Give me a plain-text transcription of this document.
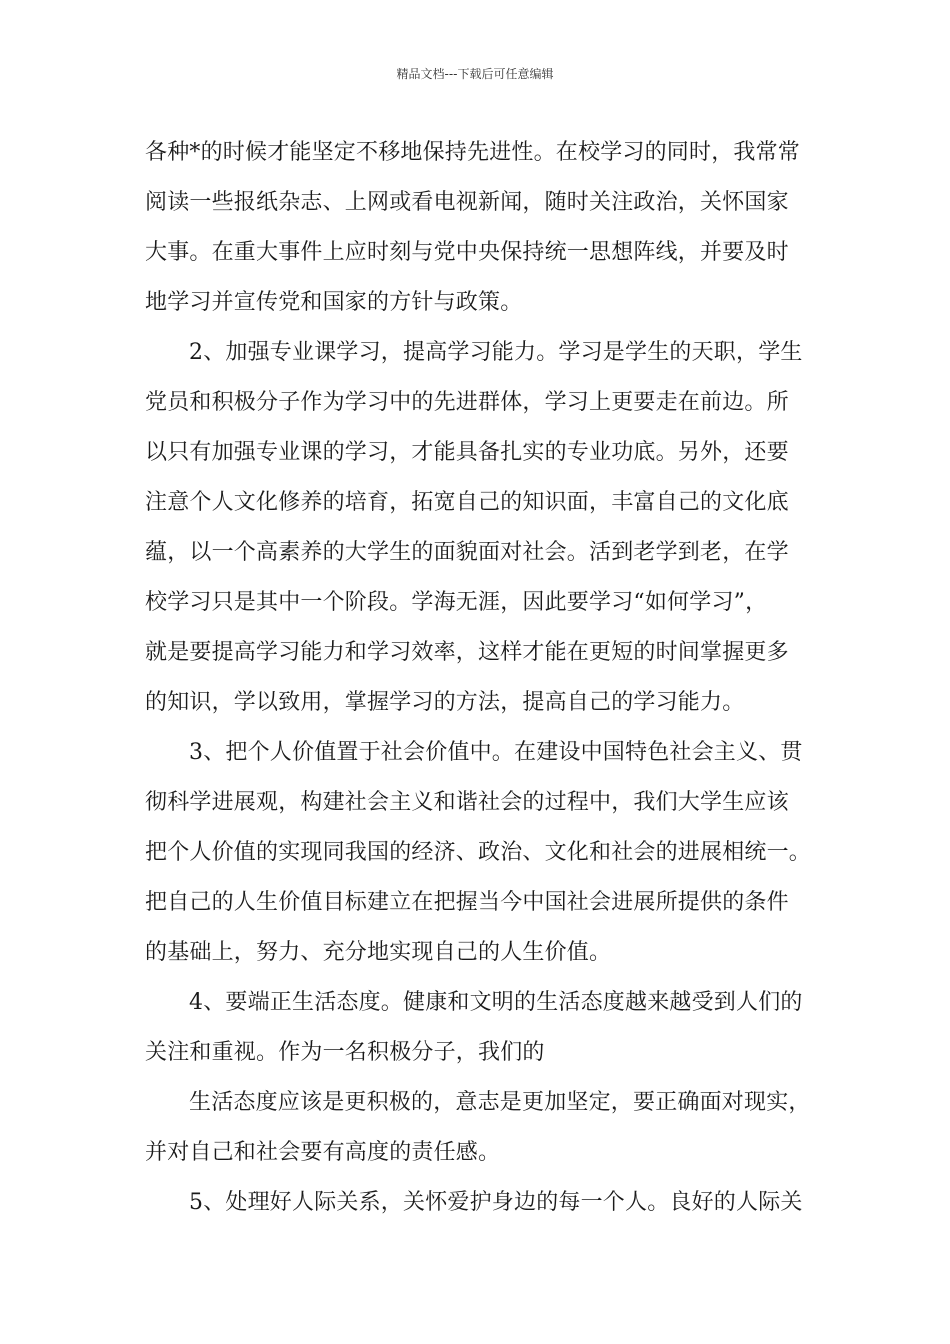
精品文档---下载后可任意编辑
各种*的时候才能坚定不移地保持先进性。在校学习的同时，我常常
阅读一些报纸杂志、上网或看电视新闻，随时关注政治，关怀国家
大事。在重大事件上应时刻与党中央保持统一思想阵线，并要及时
地学习并宣传党和国家的方针与政策。
2、加强专业课学习，提高学习能力。学习是学生的天职，学生
党员和积极分子作为学习中的先进群体，学习上更要走在前边。所
以只有加强专业课的学习，才能具备扎实的专业功底。另外，还要
注意个人文化修养的培育，拓宽自己的知识面，丰富自己的文化底
蕴，以一个高素养的大学生的面貌面对社会。活到老学到老，在学
校学习只是其中一个阶段。学海无涯，因此要学习“如何学习”，
就是要提高学习能力和学习效率，这样才能在更短的时间掌握更多
的知识，学以致用，掌握学习的方法，提高自己的学习能力。
3、把个人价值置于社会价值中。在建设中国特色社会主义、贯
彻科学进展观，构建社会主义和谐社会的过程中，我们大学生应该
把个人价值的实现同我国的经济、政治、文化和社会的进展相统一。
把自己的人生价值目标建立在把握当今中国社会进展所提供的条件
的基础上，努力、充分地实现自己的人生价值。
4、要端正生活态度。健康和文明的生活态度越来越受到人们的
关注和重视。作为一名积极分子，我们的
生活态度应该是更积极的，意志是更加坚定，要正确面对现实，
并对自己和社会要有高度的责任感。
5、处理好人际关系，关怀爱护身边的每一个人。良好的人际关
